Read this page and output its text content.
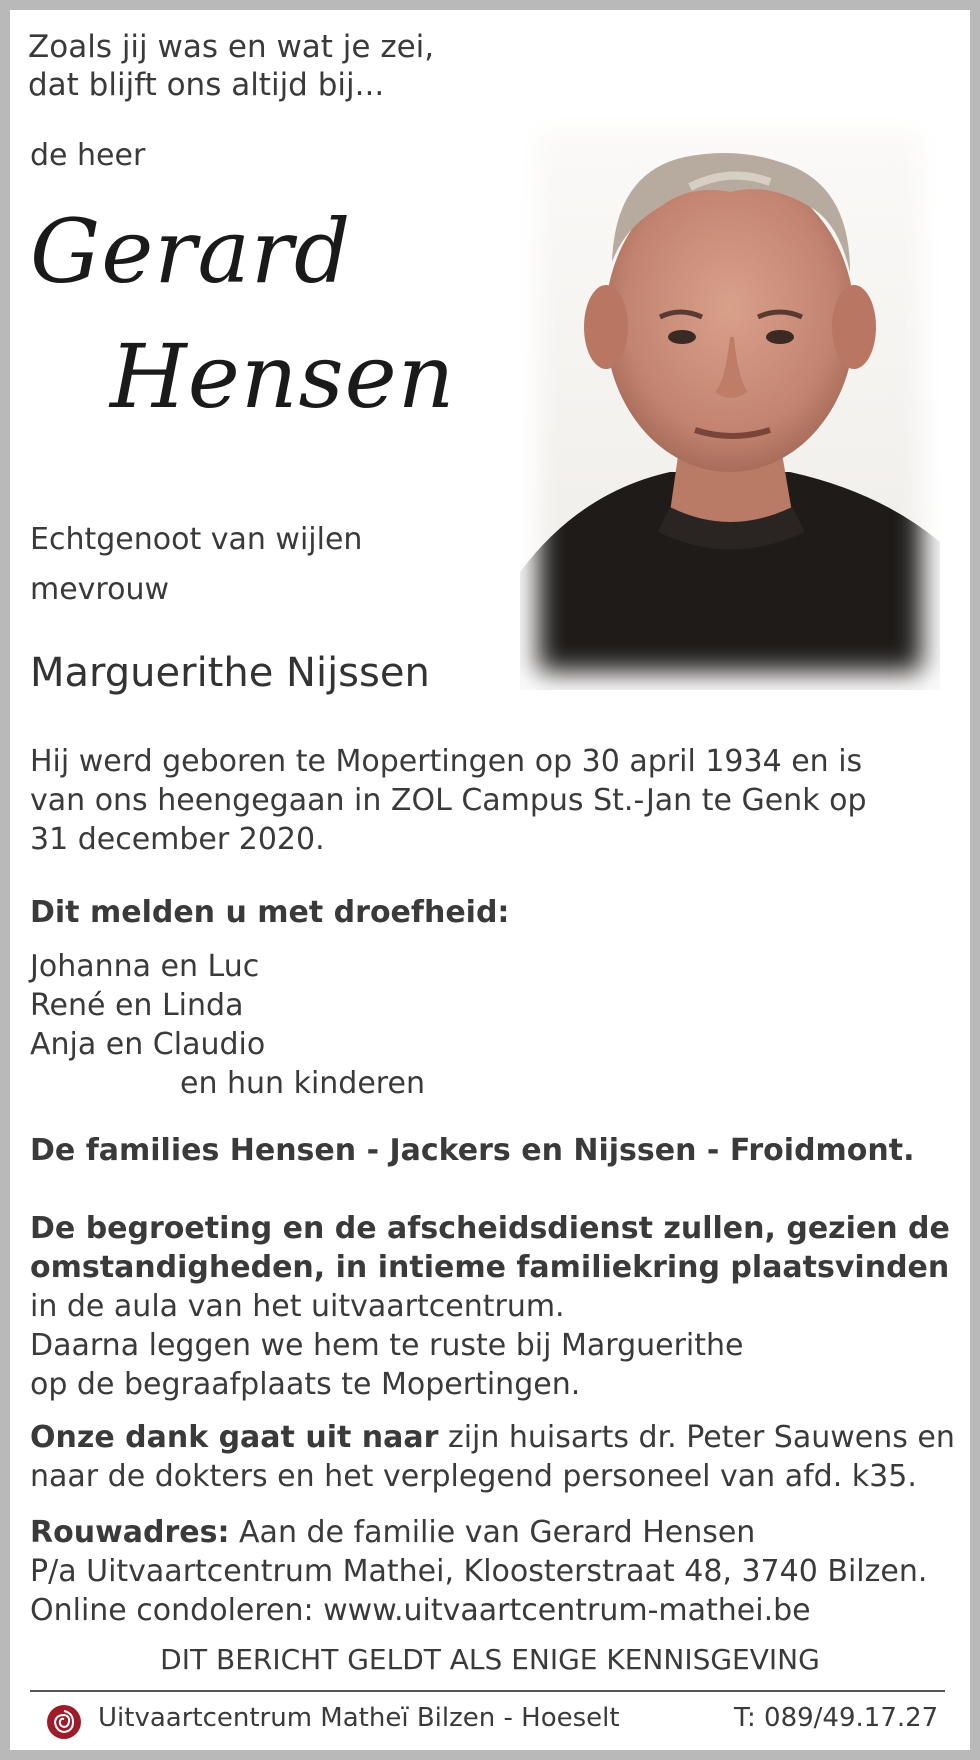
Zoals jij was en wat je zei,
dat blijft ons altijd bij...
de heer
Gerard
Hensen
Echtgenoot van wijlen
mevrouw
Marguerithe Nijssen
Hij werd geboren te Mopertingen op 30 april 1934 en is
van ons heengegaan in ZOL Campus St.-Jan te Genk op
31 december 2020.
Dit melden u met droefheid:
Johanna en Luc
René en Linda
Anja en Claudio
en hun kinderen
De families Hensen - Jackers en Nijssen - Froidmont.
De begroeting en de afscheidsdienst zullen, gezien de
omstandigheden, in intieme familiekring plaatsvinden
in de aula van het uitvaartcentrum.
Daarna leggen we hem te ruste bij Marguerithe
op de begraafplaats te Mopertingen.
Onze dank gaat uit naar zijn huisarts dr. Peter Sauwens en
naar de dokters en het verplegend personeel van afd. k35.
Rouwadres: Aan de familie van Gerard Hensen
P/a Uitvaartcentrum Mathei, Kloosterstraat 48, 3740 Bilzen.
Online condoleren: www.uitvaartcentrum-mathei.be
DIT BERICHT GELDT ALS ENIGE KENNISGEVING
Uitvaartcentrum Matheï Bilzen - Hoeselt	T: 089/49.17.27
